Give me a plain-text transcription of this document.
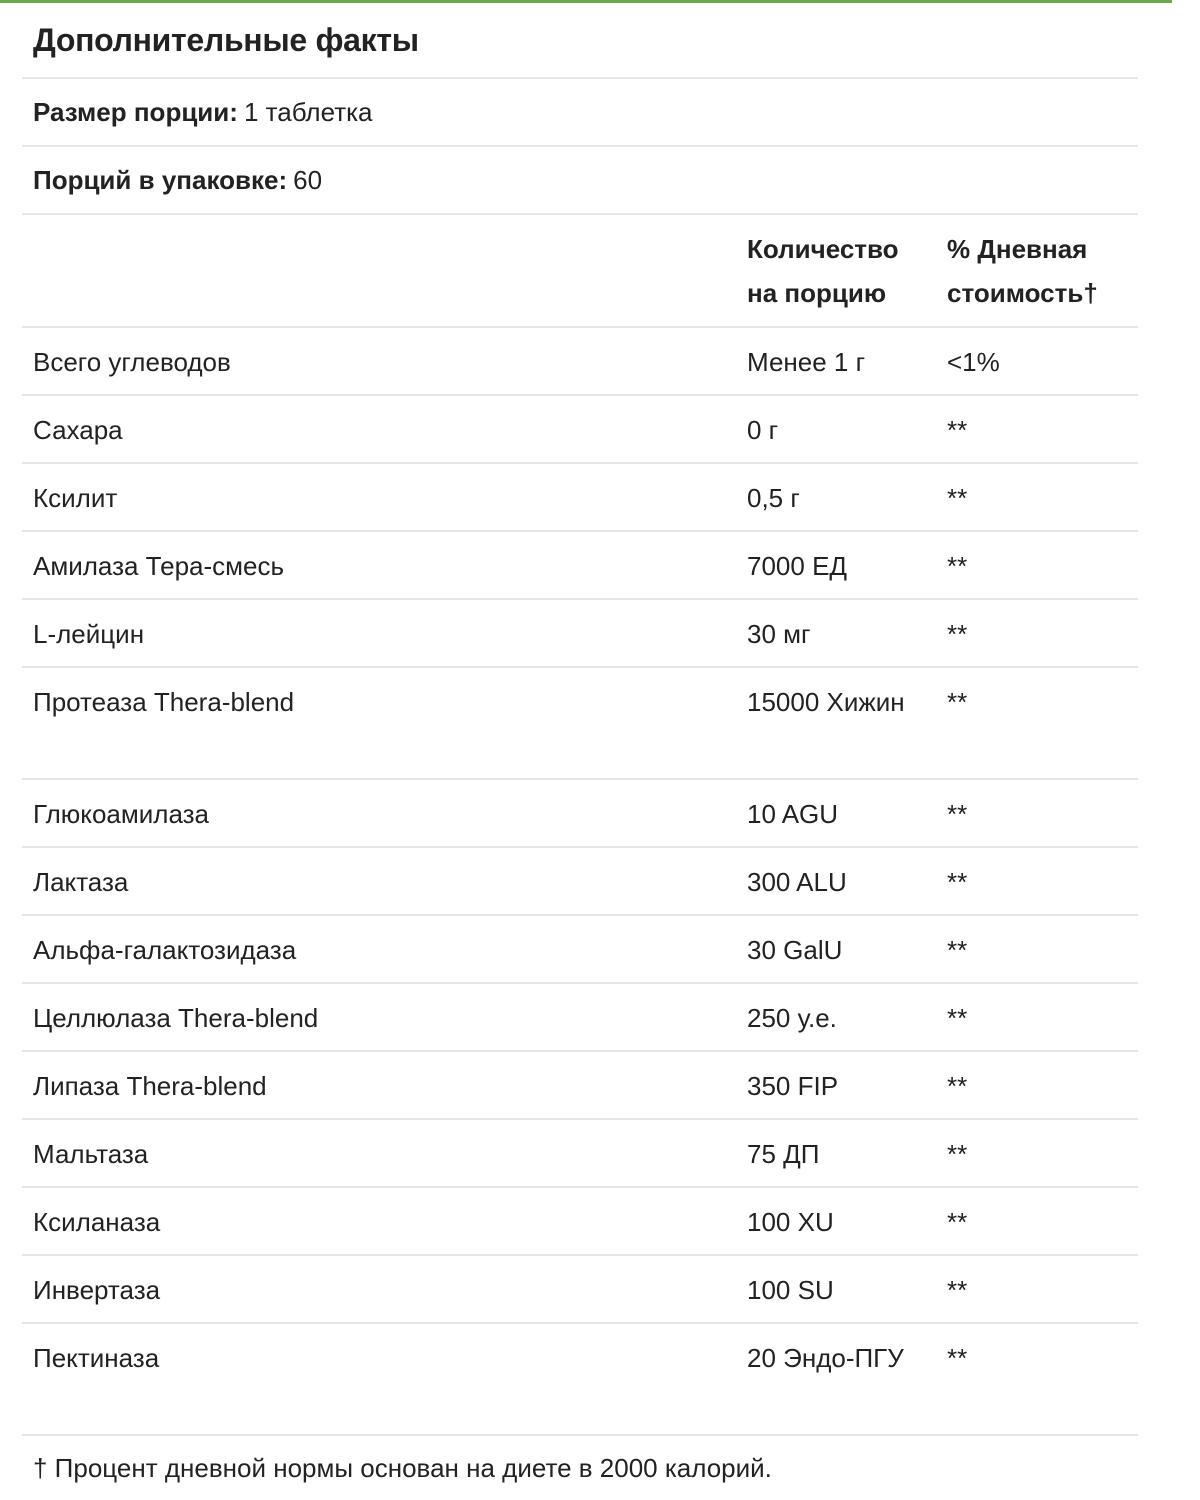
Дополнительные факты
Размер порции: 1 таблетка
Порций в упаковке: 60
	Количество на порцию	% Дневная стоимость†
Всего углеводов	Менее 1 г	<1%
Сахара	0 г	**
Ксилит	0,5 г	**
Амилаза Тера-смесь	7000 ЕД	**
L-лейцин	30 мг	**
Протеаза Thera-blend	15000 Хижин	**
Глюкоамилаза	10 AGU	**
Лактаза	300 ALU	**
Альфа-галактозидаза	30 GalU	**
Целлюлаза Thera-blend	250 у.е.	**
Липаза Thera-blend	350 FIP	**
Мальтаза	75 ДП	**
Ксиланаза	100 XU	**
Инвертаза	100 SU	**
Пектиназа	20 Эндо-ПГУ	**
† Процент дневной нормы основан на диете в 2000 калорий.
